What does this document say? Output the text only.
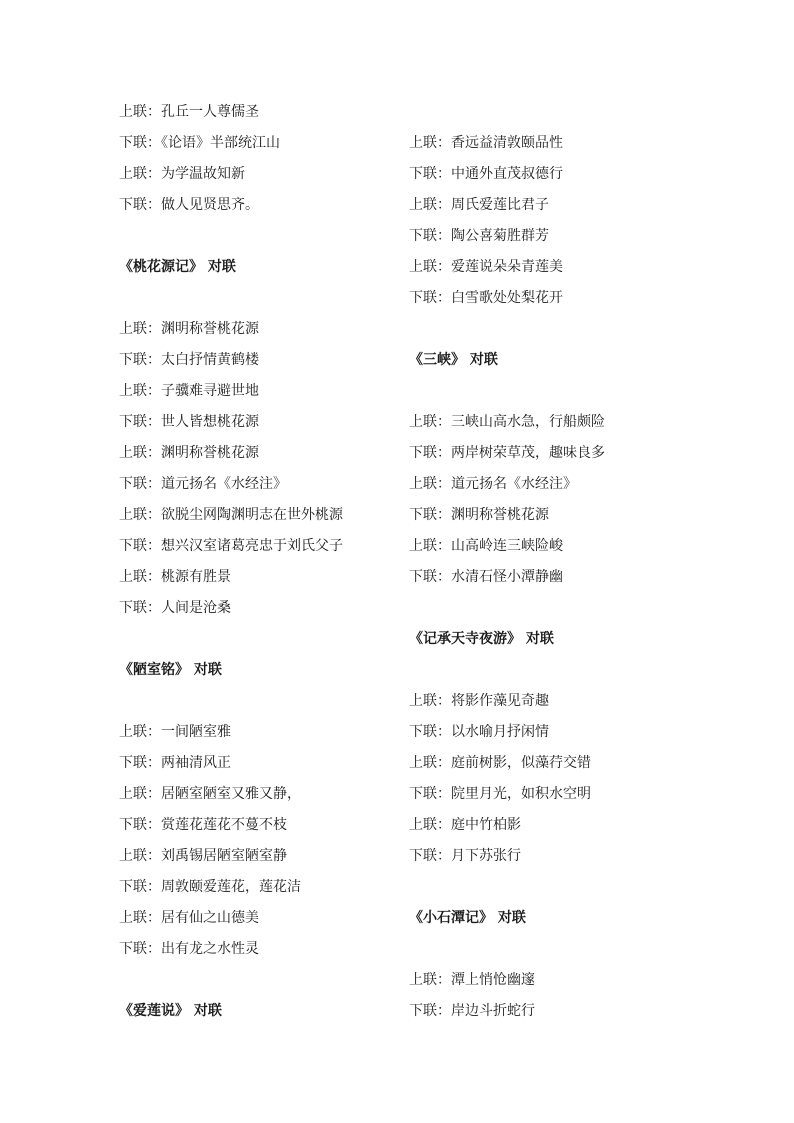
上联：孔丘一人尊儒圣
下联：《论语》半部统江山
上联：为学温故知新
下联：做人见贤思齐。
《桃花源记》 对联
上联：渊明称誉桃花源
下联：太白抒情黄鹤楼
上联：子骥难寻避世地
下联：世人皆想桃花源
上联：渊明称誉桃花源
下联：道元扬名《水经注》
上联：欲脱尘网陶渊明志在世外桃源
下联：想兴汉室诸葛亮忠于刘氏父子
上联：桃源有胜景
下联：人间是沧桑
《陋室铭》 对联
上联：一间陋室雅
下联：两袖清风正
上联：居陋室陋室又雅又静，
下联：赏莲花莲花不蔓不枝
上联：刘禹锡居陋室陋室静
下联：周敦颐爱莲花，莲花洁
上联：居有仙之山德美
下联：出有龙之水性灵
《爱莲说》 对联
上联：香远益清敦颐品性
下联：中通外直茂叔德行
上联：周氏爱莲比君子
下联：陶公喜菊胜群芳
上联：爱莲说朵朵青莲美
下联：白雪歌处处梨花开
《三峡》 对联
上联：三峡山高水急，行船颇险
下联：两岸树荣草茂，趣味良多
上联：道元扬名《水经注》
下联：渊明称誉桃花源
上联：山高岭连三峡险峻
下联：水清石怪小潭静幽
《记承天寺夜游》 对联
上联：将影作藻见奇趣
下联：以水喻月抒闲情
上联：庭前树影，似藻荇交错
下联：院里月光，如积水空明
上联：庭中竹柏影
下联：月下苏张行
《小石潭记》 对联
上联：潭上悄怆幽邃
下联：岸边斗折蛇行
